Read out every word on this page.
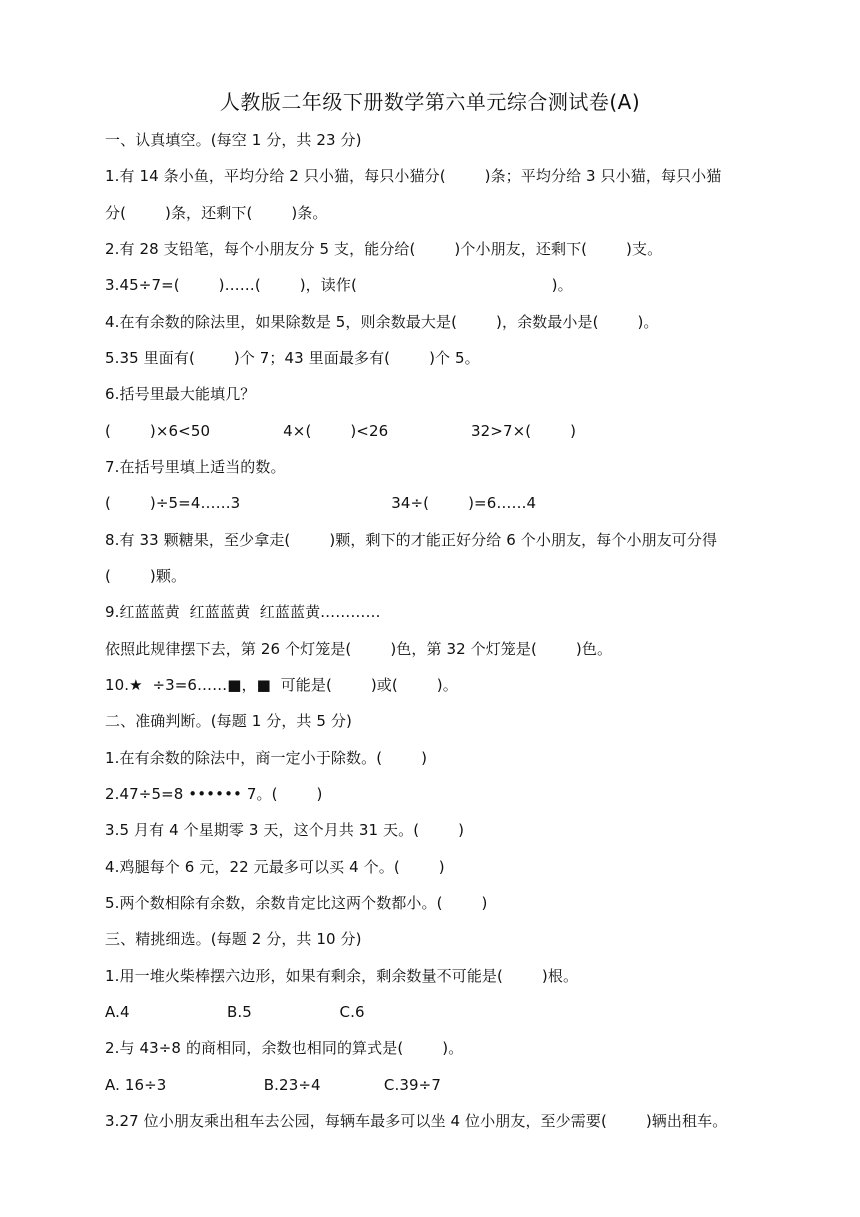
人教版二年级下册数学第六单元综合测试卷(A)
一、认真填空。(每空 1 分，共 23 分)
1.有 14 条小鱼，平均分给 2 只小猫，每只小猫分(        )条；平均分给 3 只小猫，每只小猫
分(        )条，还剩下(        )条。
2.有 28 支铅笔，每个小朋友分 5 支，能分给(        )个小朋友，还剩下(        )支。
3.45÷7=(        )……(        )，读作(                                        )。
4.在有余数的除法里，如果除数是 5，则余数最大是(        )，余数最小是(        )。
5.35 里面有(        )个 7；43 里面最多有(        )个 5。
6.括号里最大能填几？
(        )×6<50               4×(        )<26                 32>7×(        )
7.在括号里填上适当的数。
(        )÷5=4……3                               34÷(        )=6……4
8.有 33 颗糖果，至少拿走(        )颗，剩下的才能正好分给 6 个小朋友，每个小朋友可分得
(        )颗。
9.红蓝蓝黄  红蓝蓝黄  红蓝蓝黄…………
依照此规律摆下去，第 26 个灯笼是(        )色，第 32 个灯笼是(        )色。
10.★  ÷3=6……■，■  可能是(        )或(        )。
二、准确判断。(每题 1 分，共 5 分)
1.在有余数的除法中，商一定小于除数。(        )
2.47÷5=8 •••••• 7。(        )
3.5 月有 4 个星期零 3 天，这个月共 31 天。(        )
4.鸡腿每个 6 元，22 元最多可以买 4 个。(        )
5.两个数相除有余数，余数肯定比这两个数都小。(        )
三、精挑细选。(每题 2 分，共 10 分)
1.用一堆火柴棒摆六边形，如果有剩余，剩余数量不可能是(        )根。
A.4                    B.5                  C.6
2.与 43÷8 的商相同，余数也相同的算式是(        )。
A. 16÷3                    B.23÷4             C.39÷7
3.27 位小朋友乘出租车去公园，每辆车最多可以坐 4 位小朋友，至少需要(        )辆出租车。
